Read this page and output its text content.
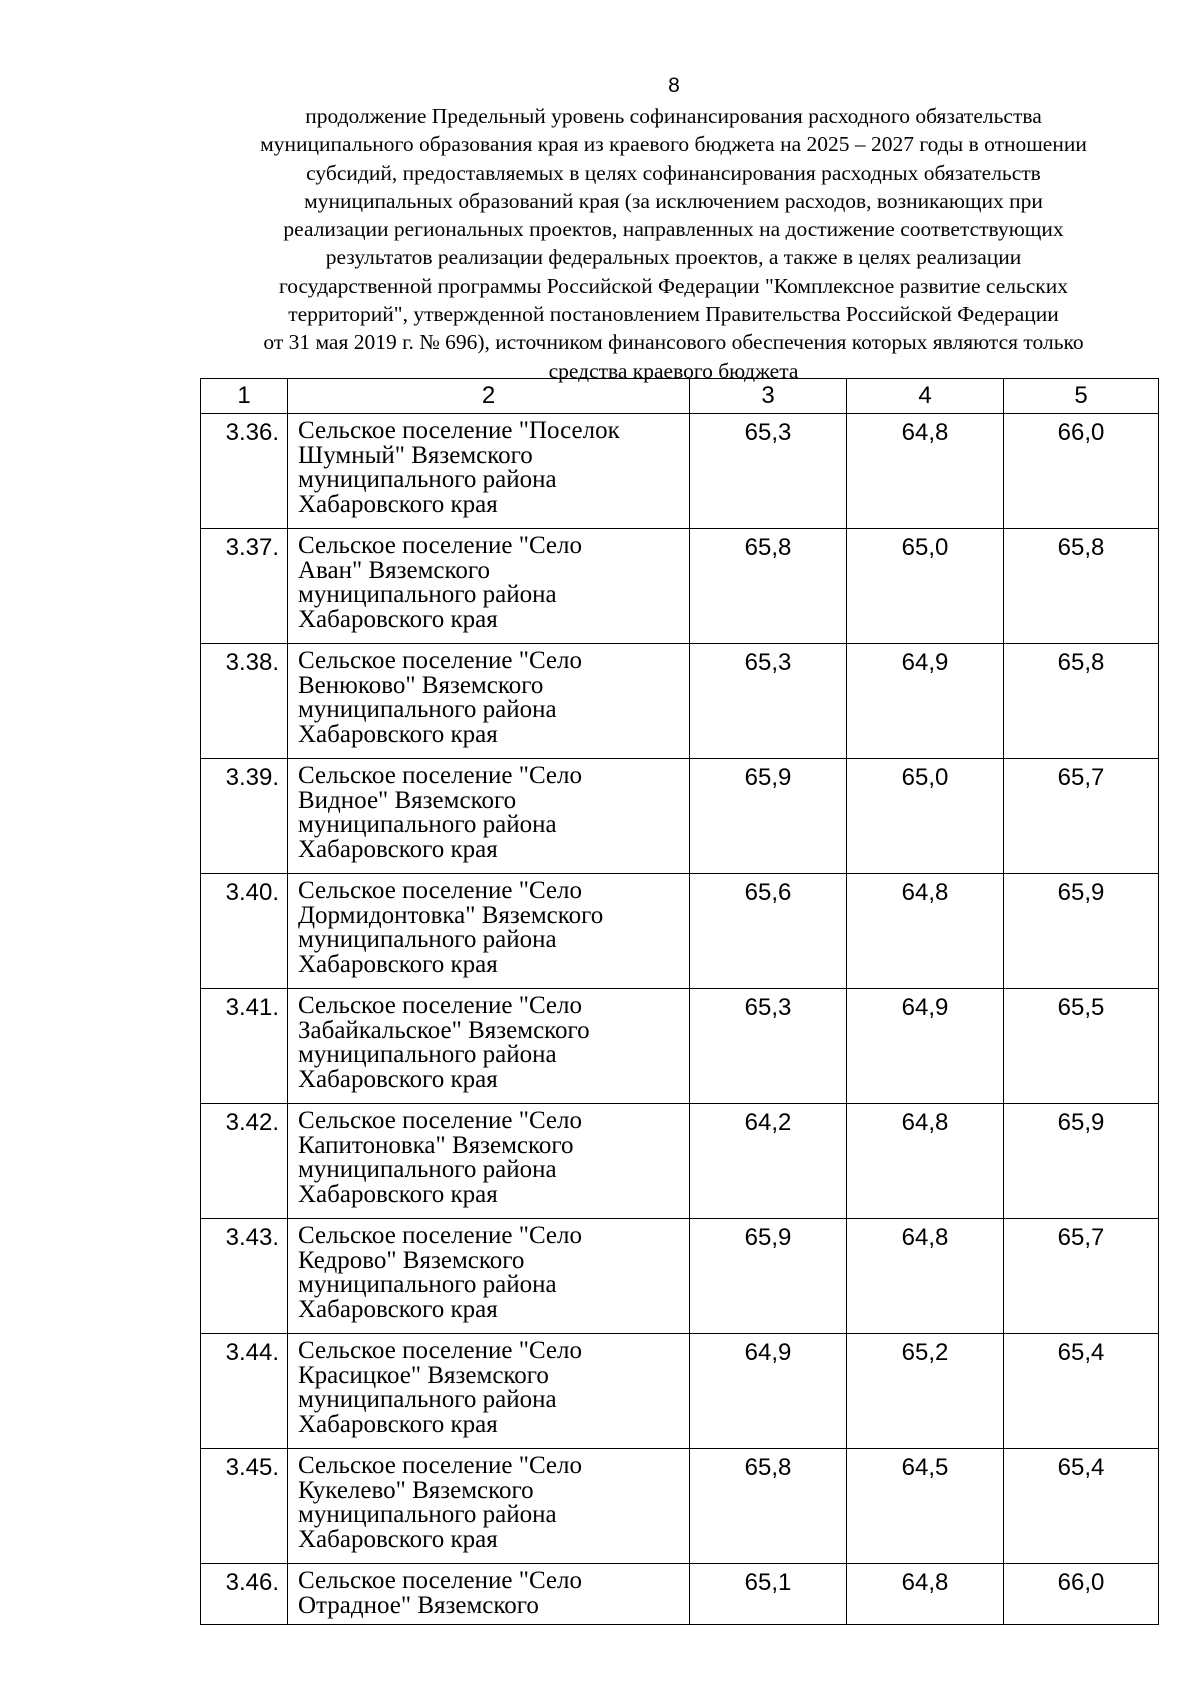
8
продолжение Предельный уровень софинансирования расходного обязательства
муниципального образования края из краевого бюджета на 2025 – 2027 годы в отношении
субсидий, предоставляемых в целях софинансирования расходных обязательств
муниципальных образований края (за исключением расходов, возникающих при
реализации региональных проектов, направленных на достижение соответствующих
результатов реализации федеральных проектов, а также в целях реализации
государственной программы Российской Федерации "Комплексное развитие сельских
территорий", утвержденной постановлением Правительства Российской Федерации
от 31 мая 2019 г. № 696), источником финансового обеспечения которых являются только
средства краевого бюджета
1	2	3	4	5
3.36.	Сельское поселение "Поселок
Шумный" Вяземского
муниципального района
Хабаровского края	65,3	64,8	66,0
3.37.	Сельское поселение "Село
Аван" Вяземского
муниципального района
Хабаровского края	65,8	65,0	65,8
3.38.	Сельское поселение "Село
Венюково" Вяземского
муниципального района
Хабаровского края	65,3	64,9	65,8
3.39.	Сельское поселение "Село
Видное" Вяземского
муниципального района
Хабаровского края	65,9	65,0	65,7
3.40.	Сельское поселение "Село
Дормидонтовка" Вяземского
муниципального района
Хабаровского края	65,6	64,8	65,9
3.41.	Сельское поселение "Село
Забайкальское" Вяземского
муниципального района
Хабаровского края	65,3	64,9	65,5
3.42.	Сельское поселение "Село
Капитоновка" Вяземского
муниципального района
Хабаровского края	64,2	64,8	65,9
3.43.	Сельское поселение "Село
Кедрово" Вяземского
муниципального района
Хабаровского края	65,9	64,8	65,7
3.44.	Сельское поселение "Село
Красицкое" Вяземского
муниципального района
Хабаровского края	64,9	65,2	65,4
3.45.	Сельское поселение "Село
Кукелево" Вяземского
муниципального района
Хабаровского края	65,8	64,5	65,4
3.46.	Сельское поселение "Село
Отрадное" Вяземского	65,1	64,8	66,0
